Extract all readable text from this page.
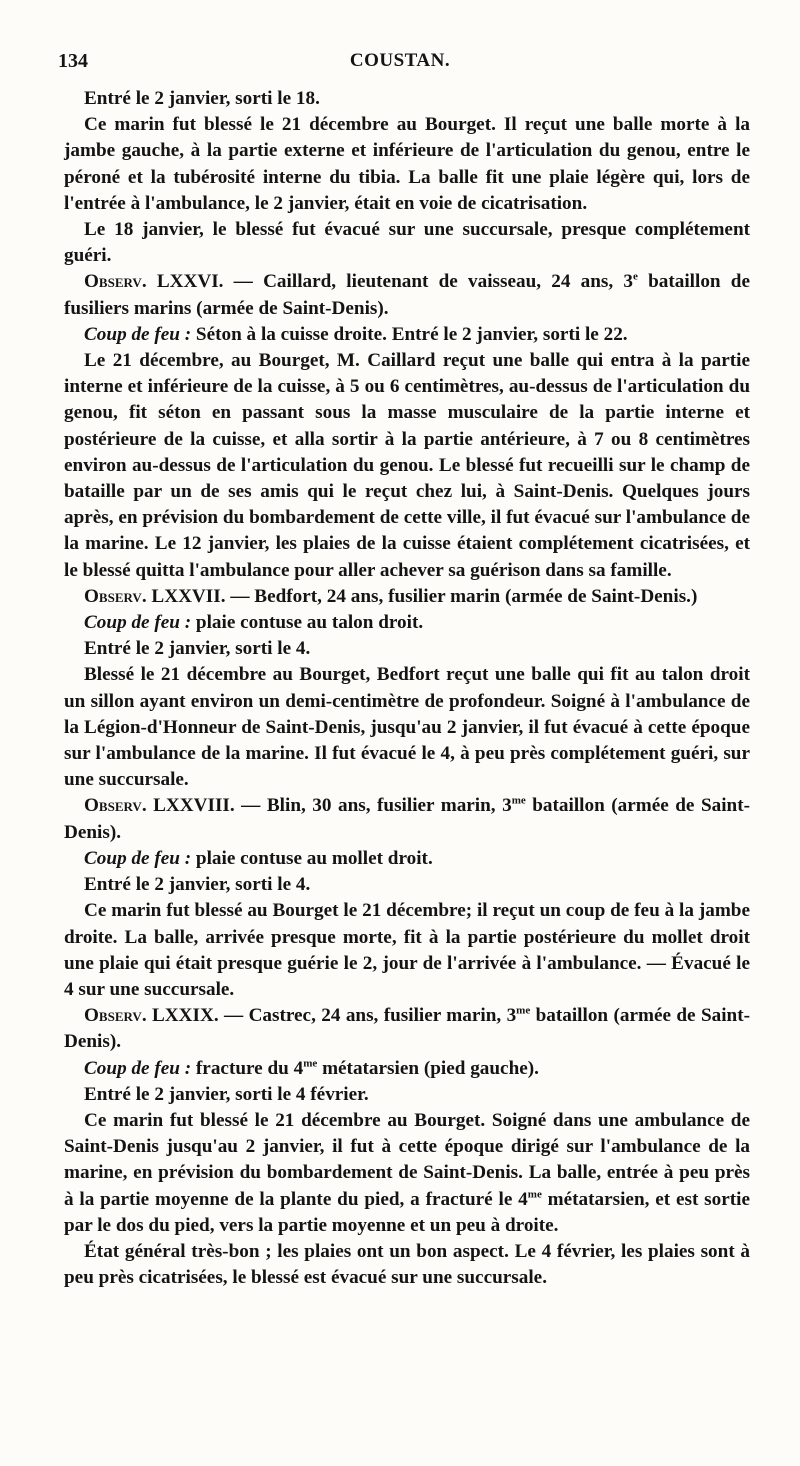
134	COUSTAN.

Entré le 2 janvier, sorti le 18.

Ce marin fut blessé le 21 décembre au Bourget. Il reçut une balle morte à la jambe gauche, à la partie externe et inférieure de l'articulation du genou, entre le péroné et la tubérosité interne du tibia. La balle fit une plaie légère qui, lors de l'entrée à l'ambulance, le 2 janvier, était en voie de cicatrisation.

Le 18 janvier, le blessé fut évacué sur une succursale, presque complétement guéri.

Observ. LXXVI. — Caillard, lieutenant de vaisseau, 24 ans, 3e bataillon de fusiliers marins (armée de Saint-Denis).

Coup de feu : Séton à la cuisse droite. Entré le 2 janvier, sorti le 22.

Le 21 décembre, au Bourget, M. Caillard reçut une balle qui entra à la partie interne et inférieure de la cuisse, à 5 ou 6 centimètres, au-dessus de l'articulation du genou, fit séton en passant sous la masse musculaire de la partie interne et postérieure de la cuisse, et alla sortir à la partie antérieure, à 7 ou 8 centimètres environ au-dessus de l'articulation du genou. Le blessé fut recueilli sur le champ de bataille par un de ses amis qui le reçut chez lui, à Saint-Denis. Quelques jours après, en prévision du bombardement de cette ville, il fut évacué sur l'ambulance de la marine. Le 12 janvier, les plaies de la cuisse étaient complétement cicatrisées, et le blessé quitta l'ambulance pour aller achever sa guérison dans sa famille.

Observ. LXXVII. — Bedfort, 24 ans, fusilier marin (armée de Saint-Denis.)

Coup de feu : plaie contuse au talon droit.

Entré le 2 janvier, sorti le 4.

Blessé le 21 décembre au Bourget, Bedfort reçut une balle qui fit au talon droit un sillon ayant environ un demi-centimètre de profondeur. Soigné à l'ambulance de la Légion-d'Honneur de Saint-Denis, jusqu'au 2 janvier, il fut évacué à cette époque sur l'ambulance de la marine. Il fut évacué le 4, à peu près complétement guéri, sur une succursale.

Observ. LXXVIII. — Blin, 30 ans, fusilier marin, $3^{me}$ bataillon (armée de Saint-Denis).

Coup de feu : plaie contuse au mollet droit.

Entré le 2 janvier, sorti le 4.

Ce marin fut blessé au Bourget le 21 décembre; il reçut un coup de feu à la jambe droite. La balle, arrivée presque morte, fit à la partie postérieure du mollet droit une plaie qui était presque guérie le 2, jour de l'arrivée à l'ambulance. — Évacué le 4 sur une succursale.

Observ. LXXIX. — Castrec, 24 ans, fusilier marin, $3^{me}$ bataillon (armée de Saint-Denis).

Coup de feu : fracture du $4^{me}$ métatarsien (pied gauche).

Entré le 2 janvier, sorti le 4 février.

Ce marin fut blessé le 21 décembre au Bourget. Soigné dans une ambulance de Saint-Denis jusqu'au 2 janvier, il fut à cette époque dirigé sur l'ambulance de la marine, en prévision du bombardement de Saint-Denis. La balle, entrée à peu près à la partie moyenne de la plante du pied, a fracturé le $4^{me}$ métatarsien, et est sortie par le dos du pied, vers la partie moyenne et un peu à droite.

État général très-bon ; les plaies ont un bon aspect. Le 4 février, les plaies sont à peu près cicatrisées, le blessé est évacué sur une succursale.
